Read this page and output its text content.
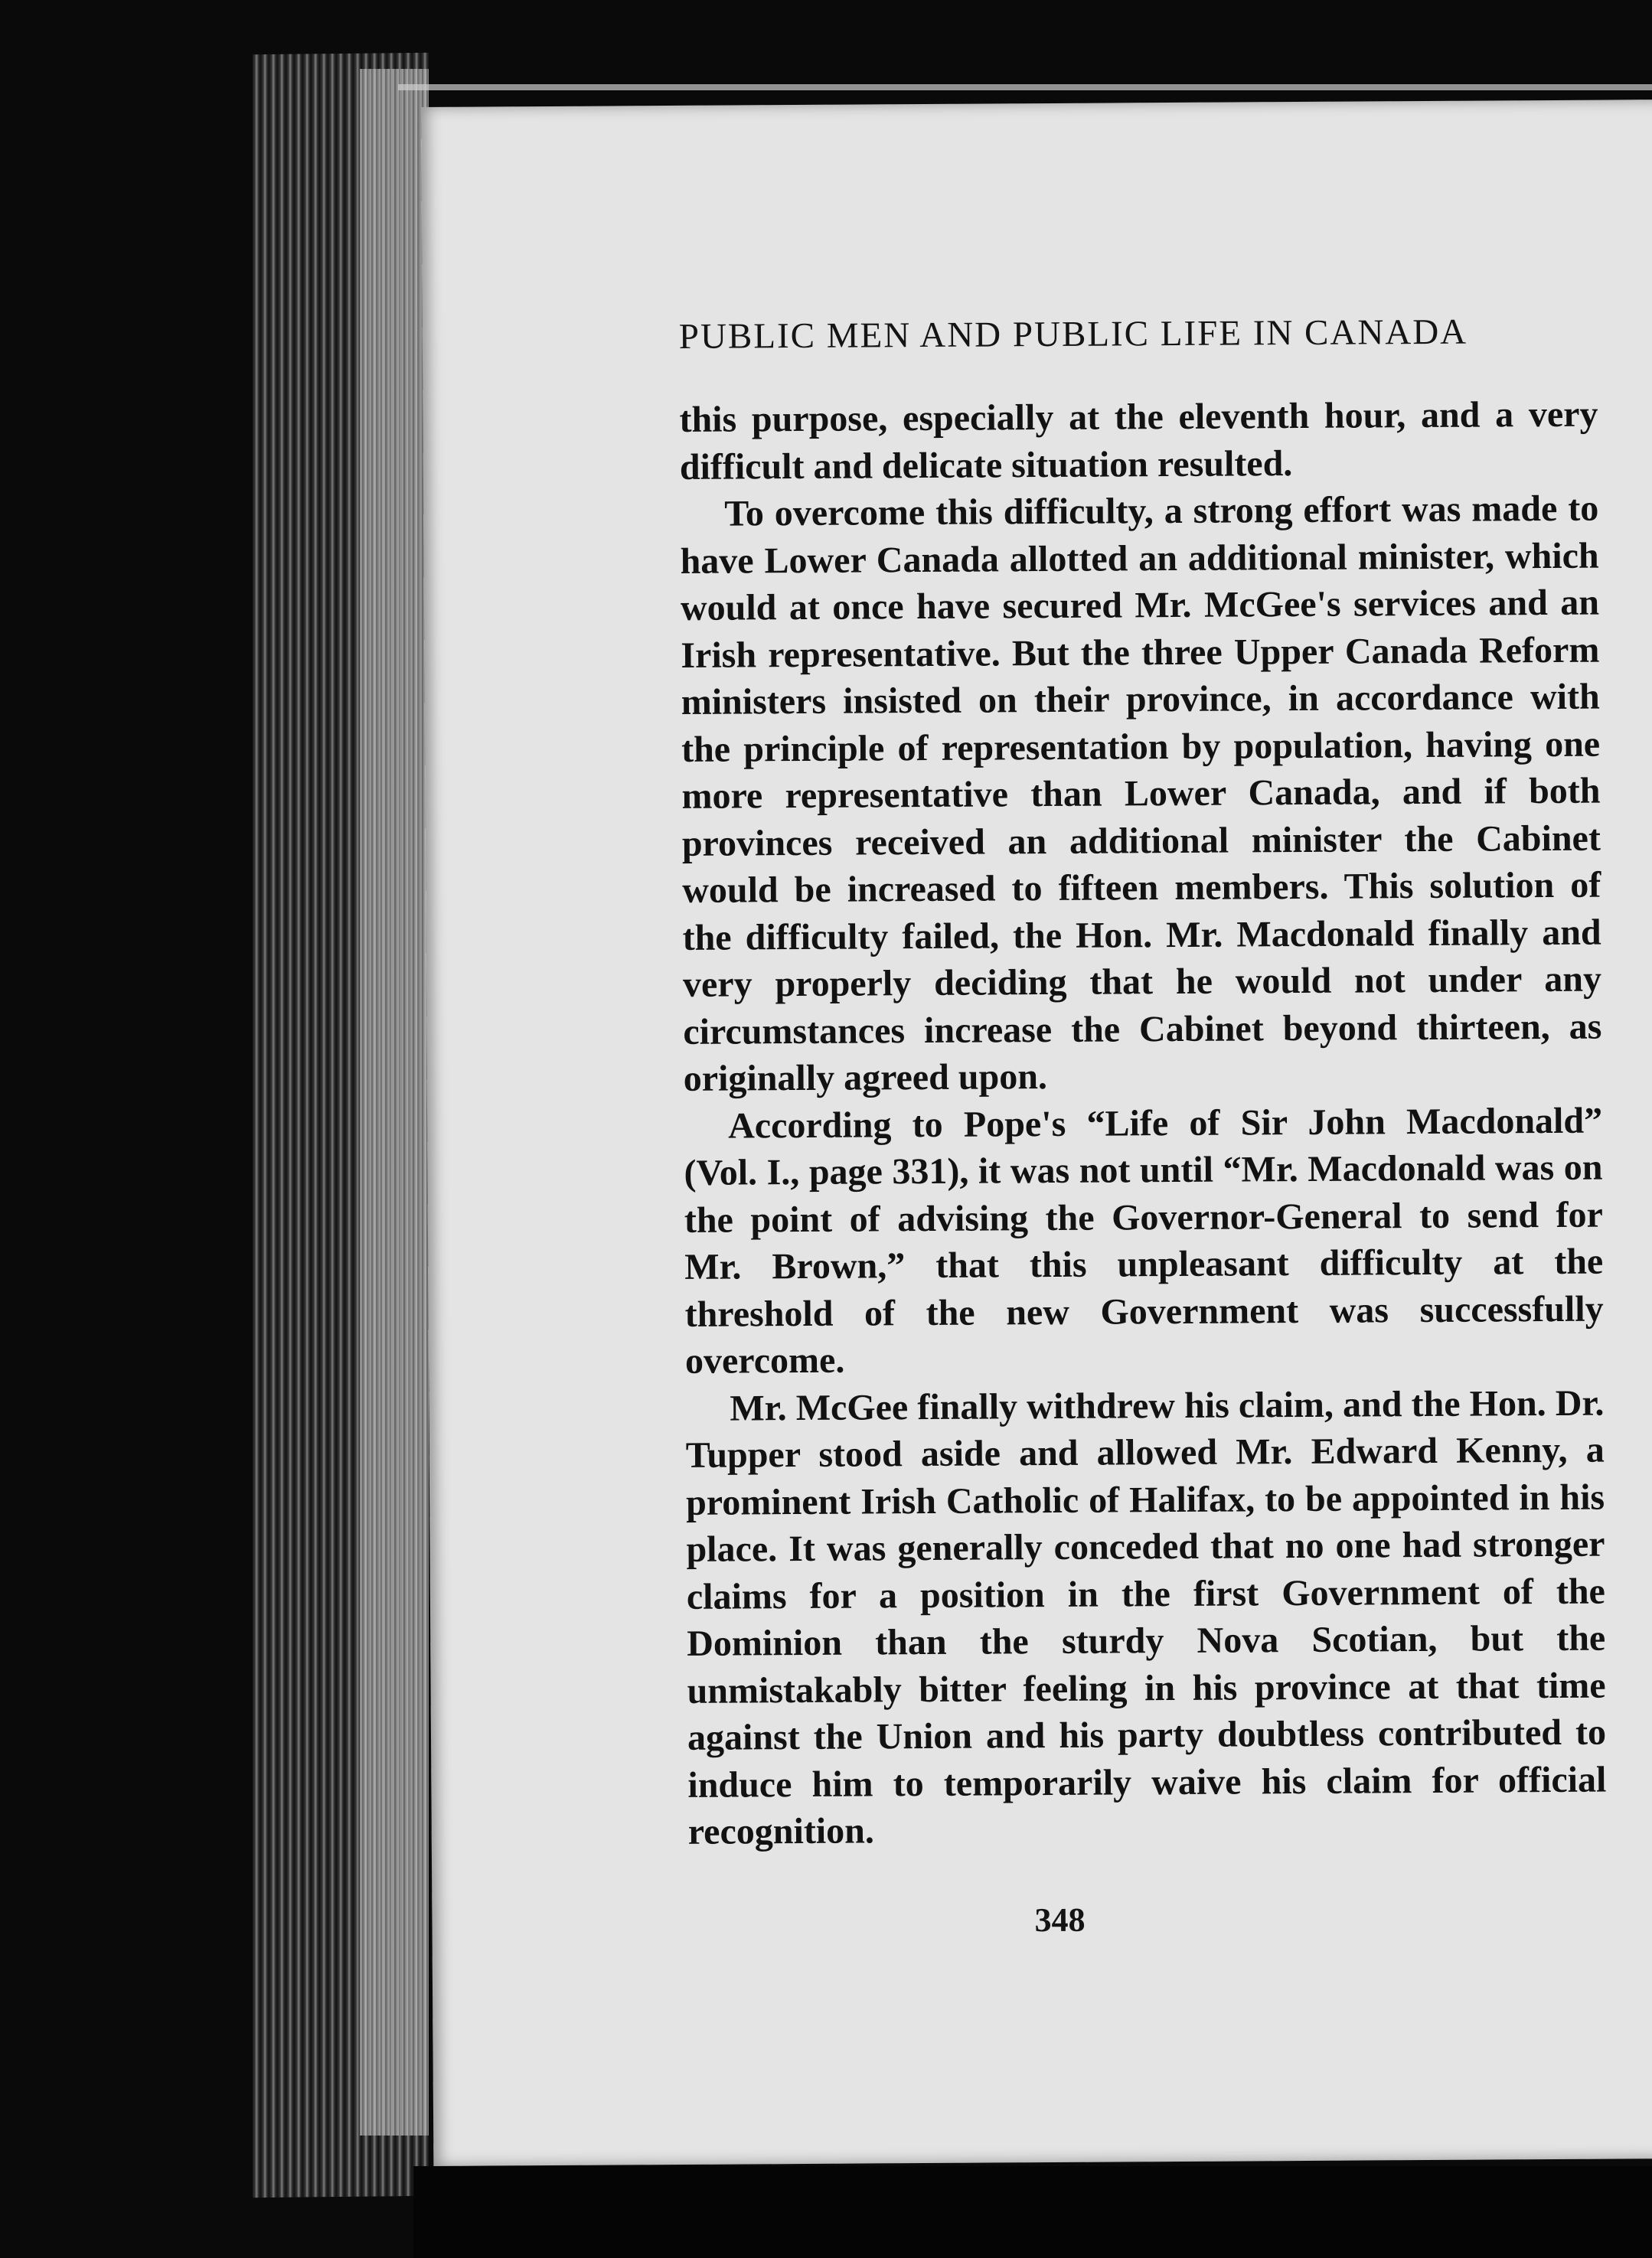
PUBLIC MEN AND PUBLIC LIFE IN CANADA

this purpose, especially at the eleventh hour, and a very difficult and delicate situation resulted.

To overcome this difficulty, a strong effort was made to have Lower Canada allotted an additional minister, which would at once have secured Mr. McGee's services and an Irish representative. But the three Upper Canada Reform ministers insisted on their province, in accordance with the principle of representation by population, having one more representative than Lower Canada, and if both provinces received an additional minister the Cabinet would be increased to fifteen members. This solution of the difficulty failed, the Hon. Mr. Macdonald finally and very properly deciding that he would not under any circumstances increase the Cabinet beyond thirteen, as originally agreed upon.

According to Pope's “Life of Sir John Macdonald” (Vol. I., page 331), it was not until “Mr. Macdonald was on the point of advising the Governor-General to send for Mr. Brown,” that this unpleasant difficulty at the threshold of the new Government was successfully overcome.

Mr. McGee finally withdrew his claim, and the Hon. Dr. Tupper stood aside and allowed Mr. Edward Kenny, a prominent Irish Catholic of Halifax, to be appointed in his place. It was generally conceded that no one had stronger claims for a position in the first Government of the Dominion than the sturdy Nova Scotian, but the unmistakably bitter feeling in his province at that time against the Union and his party doubtless contributed to induce him to temporarily waive his claim for official recognition.

348
